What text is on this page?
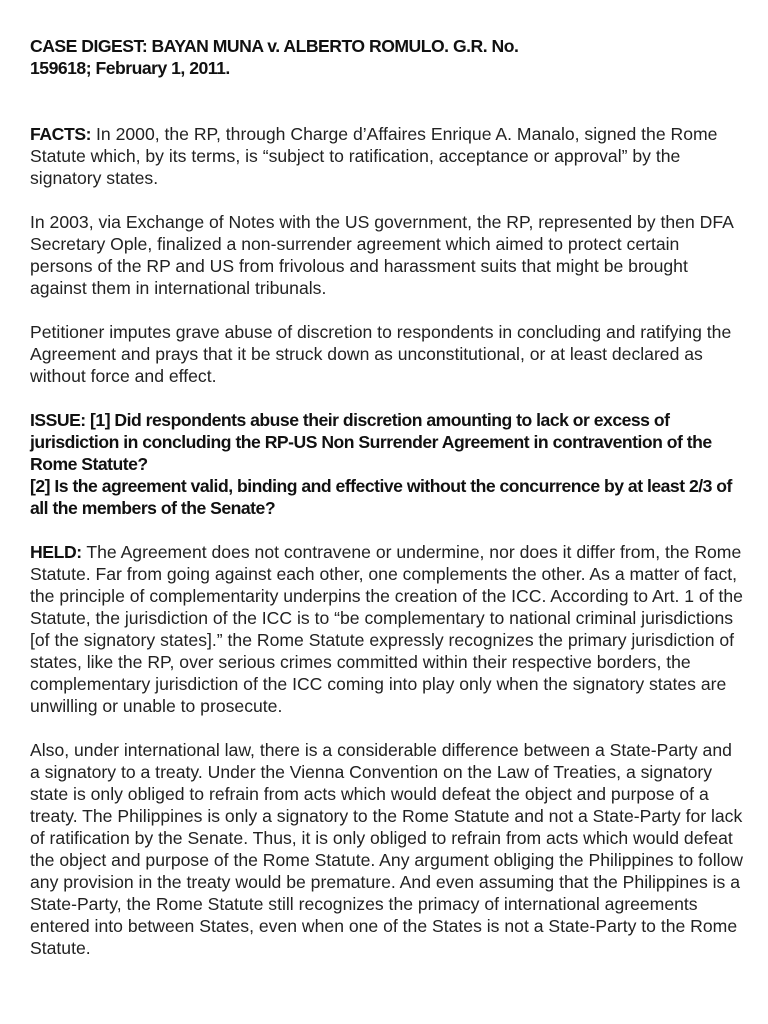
CASE DIGEST: BAYAN MUNA v. ALBERTO ROMULO. G.R. No.
159618; February 1, 2011.

FACTS: In 2000, the RP, through Charge d’Affaires Enrique A. Manalo, signed the Rome Statute which, by its terms, is “subject to ratification, acceptance or approval” by the signatory states.

In 2003, via Exchange of Notes with the US government, the RP, represented by then DFA Secretary Ople, finalized a non-surrender agreement which aimed to protect certain persons of the RP and US from frivolous and harassment suits that might be brought against them in international tribunals.

Petitioner imputes grave abuse of discretion to respondents in concluding and ratifying the Agreement and prays that it be struck down as unconstitutional, or at least declared as without force and effect.

ISSUE: [1] Did respondents abuse their discretion amounting to lack or excess of jurisdiction in concluding the RP-US Non Surrender Agreement in contravention of the Rome Statute?
[2] Is the agreement valid, binding and effective without the concurrence by at least 2/3 of all the members of the Senate?

HELD: The Agreement does not contravene or undermine, nor does it differ from, the Rome Statute. Far from going against each other, one complements the other. As a matter of fact, the principle of complementarity underpins the creation of the ICC. According to Art. 1 of the Statute, the jurisdiction of the ICC is to “be complementary to national criminal jurisdictions [of the signatory states].” the Rome Statute expressly recognizes the primary jurisdiction of states, like the RP, over serious crimes committed within their respective borders, the complementary jurisdiction of the ICC coming into play only when the signatory states are unwilling or unable to prosecute.

Also, under international law, there is a considerable difference between a State-Party and a signatory to a treaty. Under the Vienna Convention on the Law of Treaties, a signatory state is only obliged to refrain from acts which would defeat the object and purpose of a treaty. The Philippines is only a signatory to the Rome Statute and not a State-Party for lack of ratification by the Senate. Thus, it is only obliged to refrain from acts which would defeat the object and purpose of the Rome Statute. Any argument obliging the Philippines to follow any provision in the treaty would be premature. And even assuming that the Philippines is a State-Party, the Rome Statute still recognizes the primacy of international agreements entered into between States, even when one of the States is not a State-Party to the Rome Statute.
